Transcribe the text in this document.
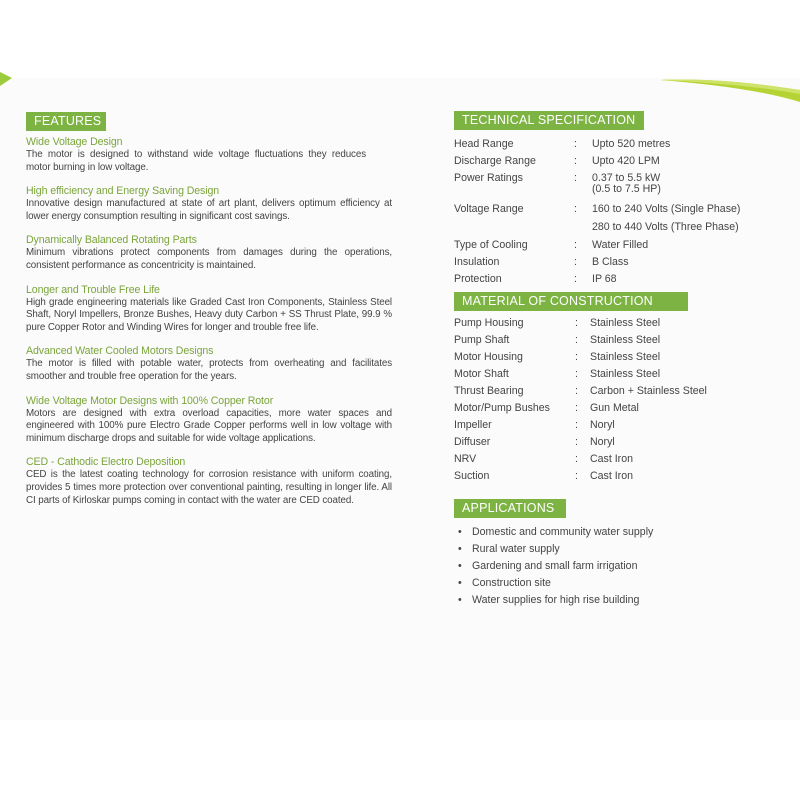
FEATURES
Wide Voltage Design
The motor is designed to withstand wide voltage fluctuations they reduces motor burning in low voltage.
High efficiency and Energy Saving Design
Innovative design manufactured at state of art plant, delivers optimum efficiency at lower energy consumption resulting in significant cost savings.
Dynamically Balanced Rotating Parts
Minimum vibrations protect components from damages during the operations, consistent performance as concentricity is maintained.
Longer and Trouble Free Life
High grade engineering materials like Graded Cast Iron Components, Stainless Steel Shaft, Noryl Impellers, Bronze Bushes, Heavy duty Carbon + SS Thrust Plate, 99.9 % pure Copper Rotor and Winding Wires for longer and trouble free life.
Advanced Water Cooled Motors Designs
The motor is filled with potable water, protects from overheating and facilitates smoother and trouble free operation for the years.
Wide Voltage Motor Designs with 100% Copper Rotor
Motors are designed with extra overload capacities, more water spaces and engineered with 100% pure Electro Grade Copper performs well in low voltage with minimum discharge drops and suitable for wide voltage applications.
CED - Cathodic Electro Deposition
CED is the latest coating technology for corrosion resistance with uniform coating, provides 5 times more protection over conventional painting, resulting in longer life. All CI parts of Kirloskar pumps coming in contact with the water are CED coated.
TECHNICAL SPECIFICATION
Head Range	: Upto 520 metres
Discharge Range	: Upto 420 LPM
Power Ratings	: 0.37 to 5.5 kW
(0.5 to 7.5 HP)
Voltage Range	: 160 to 240 Volts (Single Phase)
280 to 440 Volts (Three Phase)
Type of Cooling	: Water Filled
Insulation	: B Class
Protection	: IP 68
MATERIAL OF CONSTRUCTION
Pump Housing	: Stainless Steel
Pump Shaft	: Stainless Steel
Motor Housing	: Stainless Steel
Motor Shaft	: Stainless Steel
Thrust Bearing	: Carbon + Stainless Steel
Motor/Pump Bushes : Gun Metal
Impeller	: Noryl
Diffuser	: Noryl
NRV	: Cast Iron
Suction	: Cast Iron
APPLICATIONS
• Domestic and community water supply
• Rural water supply
• Gardening and small farm irrigation
• Construction site
• Water supplies for high rise building
